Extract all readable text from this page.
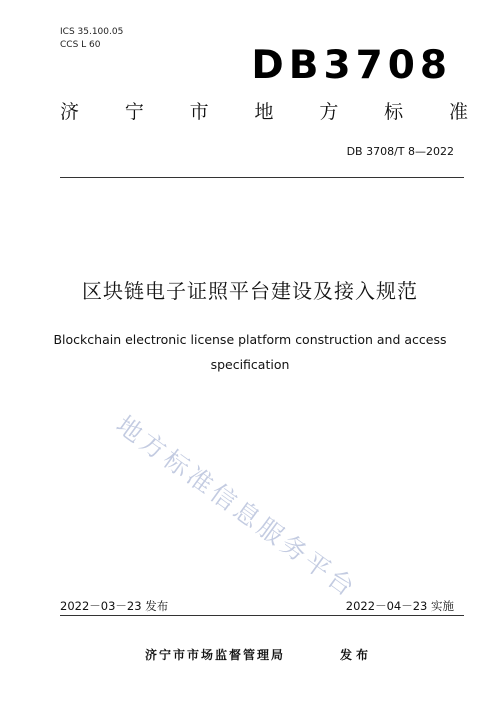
ICS 35.100.05
CCS L 60	DB3708
济 宁 市 地 方 标 准
DB 3708/T 8—2022
区块链电子证照平台建设及接入规范
Blockchain electronic license platform construction and access specification
地方标准信息服务平台
2022－03－23 发布	2022－04－23 实施
济宁市市场监督管理局	发布
